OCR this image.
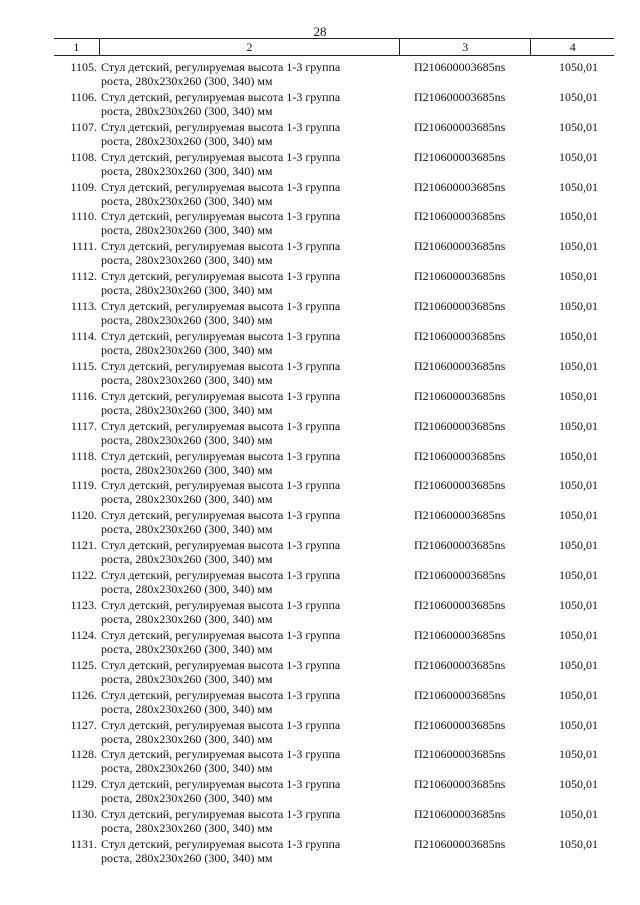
28
1	2	3	4
1105. Стул детский, регулируемая высота 1-3 группа
роста, 280x230x260 (300, 340) мм
П210600003685ns	1050,01
1106. Стул детский, регулируемая высота 1-3 группа
роста, 280x230x260 (300, 340) мм
П210600003685ns	1050,01
1107. Стул детский, регулируемая высота 1-3 группа
роста, 280x230x260 (300, 340) мм
П210600003685ns	1050,01
1108. Стул детский, регулируемая высота 1-3 группа
роста, 280x230x260 (300, 340) мм
П210600003685ns	1050,01
1109. Стул детский, регулируемая высота 1-3 группа
роста, 280x230x260 (300, 340) мм
П210600003685ns	1050,01
1110. Стул детский, регулируемая высота 1-3 группа
роста, 280x230x260 (300, 340) мм
П210600003685ns	1050,01
1111. Стул детский, регулируемая высота 1-3 группа
роста, 280x230x260 (300, 340) мм
П210600003685ns	1050,01
1112. Стул детский, регулируемая высота 1-3 группа
роста, 280x230x260 (300, 340) мм
П210600003685ns	1050,01
1113. Стул детский, регулируемая высота 1-3 группа
роста, 280x230x260 (300, 340) мм
П210600003685ns	1050,01
1114. Стул детский, регулируемая высота 1-3 группа
роста, 280x230x260 (300, 340) мм
П210600003685ns	1050,01
1115. Стул детский, регулируемая высота 1-3 группа
роста, 280x230x260 (300, 340) мм
П210600003685ns	1050,01
1116. Стул детский, регулируемая высота 1-3 группа
роста, 280x230x260 (300, 340) мм
П210600003685ns	1050,01
1117. Стул детский, регулируемая высота 1-3 группа
роста, 280x230x260 (300, 340) мм
П210600003685ns	1050,01
1118. Стул детский, регулируемая высота 1-3 группа
роста, 280x230x260 (300, 340) мм
П210600003685ns	1050,01
1119. Стул детский, регулируемая высота 1-3 группа
роста, 280x230x260 (300, 340) мм
П210600003685ns	1050,01
1120. Стул детский, регулируемая высота 1-3 группа
роста, 280x230x260 (300, 340) мм
П210600003685ns	1050,01
1121. Стул детский, регулируемая высота 1-3 группа
роста, 280x230x260 (300, 340) мм
П210600003685ns	1050,01
1122. Стул детский, регулируемая высота 1-3 группа
роста, 280x230x260 (300, 340) мм
П210600003685ns	1050,01
1123. Стул детский, регулируемая высота 1-3 группа
роста, 280x230x260 (300, 340) мм
П210600003685ns	1050,01
1124. Стул детский, регулируемая высота 1-3 группа
роста, 280x230x260 (300, 340) мм
П210600003685ns	1050,01
1125. Стул детский, регулируемая высота 1-3 группа
роста, 280x230x260 (300, 340) мм
П210600003685ns	1050,01
1126. Стул детский, регулируемая высота 1-3 группа
роста, 280x230x260 (300, 340) мм
П210600003685ns	1050,01
1127. Стул детский, регулируемая высота 1-3 группа
роста, 280x230x260 (300, 340) мм
П210600003685ns	1050,01
1128. Стул детский, регулируемая высота 1-3 группа
роста, 280x230x260 (300, 340) мм
П210600003685ns	1050,01
1129. Стул детский, регулируемая высота 1-3 группа
роста, 280x230x260 (300, 340) мм
П210600003685ns	1050,01
1130. Стул детский, регулируемая высота 1-3 группа
роста, 280x230x260 (300, 340) мм
П210600003685ns	1050,01
1131. Стул детский, регулируемая высота 1-3 группа
роста, 280x230x260 (300, 340) мм
П210600003685ns	1050,01
